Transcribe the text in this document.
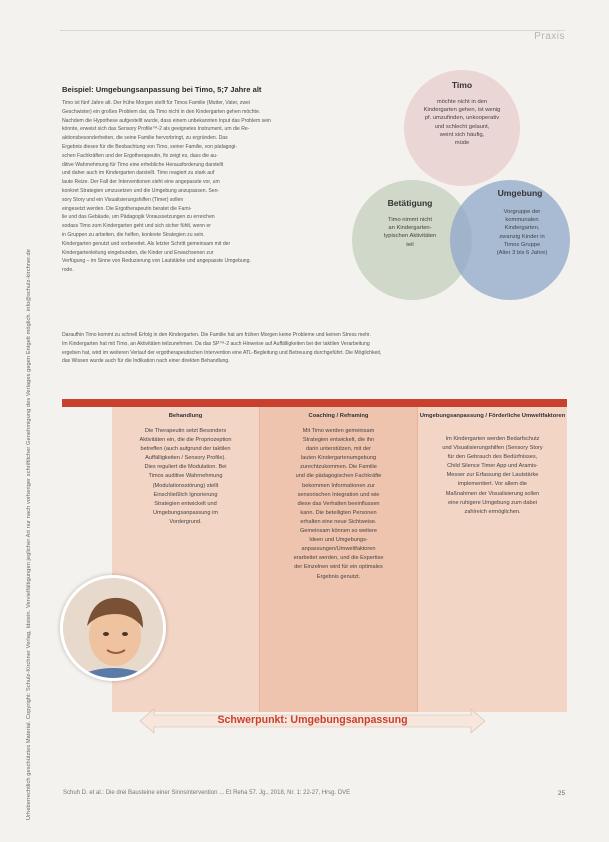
Urheberrechtlich geschütztes Material. Copyright: Schulz-Kirchner Verlag, Idstein. Vervielfältigungen jeglicher Art nur nach vorheriger schriftlicher Genehmigung des Verlages gegen Entgelt möglich. info@schulz-kirchner.de
Praxis
Beispiel: Umgebungsanpassung bei Timo, 5;7 Jahre alt
Timo ist fünf Jahre alt. Der frühe Morgen stellt für Timos Familie (Mutter, Vater, zwei
Geschwister) ein großes Problem dar, da Timo nicht in den Kindergarten gehen möchte.
Nachdem die Hypothese aufgestellt wurde, dass einem unbekannten Input das Problem sein
könnte, erweist sich das Sensory Profile™-2 als geeignetes Instrument, um die Re-
aktionsbesonderheiten, die seine Familie hervorbringt, zu ergründen. Das
Ergebnis dieses für die Beobachtung von Timo, seiner Familie, von pädagogi-
schen Fachkräften und der Ergotherapeutin, fix zeigt es, dass die au-
ditive Wahrnehmung für Timo eine erhebliche Herausforderung darstellt
und daher auch im Kindergarten darstellt. Timo reagiert zu stark auf
laute Reize. Der Fall der Interventionen sieht eine angepasste vor, um
konkret Strategien umzusetzen und die Umgebung anzupassen. Sen-
sory Story und ein Visualisierungshilfen (Timer) sollen
eingesetzt werden. Die Ergotherapeutin beratet die Fami-
lie und das Gebäude, um Pädagogik Voraussetzungen zu erreichen
sodass Timo zum Kindergarten geht und sich sicher fühlt, wenn er
in Gruppen zu arbeiten, die helfen, konkrete Strategien zu sein.
Kindergarten genutzt und vorbereitet. Als letzter Schritt gemeinsam mit der
Kindergartenleitung eingebunden, die Kinder und Erwachsenen zur
Verfügung – im Sinne von Reduzierung von Lautstärke und angepasste Umgebung.
rode.
Daraufhin Timo kommt zu schnell Erfolg in den Kindergarten. Die Familie hat am frühen Morgen keine Probleme und keinen Stress mehr.
Im Kindergarten hat mit Timo, an Aktivitäten teilzunehmen. Da das SP™-2 auch Hinweise auf Auffälligkeiten bei der taktilen Verarbeitung
ergeben hat, wird im weiteren Verlauf der ergotherapeutischen Intervention eine ATL-Begleitung und Betreuung durchgeführt. Die Möglichkeit,
das Wissen wurde auch für die Indikation nach einer direkten Behandlung.
Timo
möchte nicht in den
Kindergarten gehen, ist wenig
pf. umzufinden, unkooperativ
und schlecht gelaunt,
weint sich häufig,
müde
Betätigung
Timo nimmt nicht
an Kindergarten-
typischen Aktivitäten
teil
Umgebung
Vorgruppe der
kommunalen
Kindergarten,
zwanzig Kinder in
Timos Gruppe
(Alter 3 bis 6 Jahre)
Behandlung
Die Therapeutin setzt Besonders
Aktivitäten ein, die die Propriozeption
betreffen (auch aufgrund der taktilen
Auffälligkeiten / Sensory Profile).
Dies reguliert die Modulation. Bei
Timos auditive Wahrnehmung
(Modulationsstörung) stellt
Einschließlich Ignorierung
Strategien entwickelt und
Umgebungsanpassung im
Vordergrund.
Coaching / Reframing
Mit Timo werden gemeinsam
Strategien entwickelt, die ihn
darin unterstützen, mit der
lauten Kindergartenumgebung
zurechtzukommen. Die Familie
und die pädagogischen Fachkräfte
bekommen Informationen zur
sensorischen Integration und wie
diese das Verhalten beeinflussen
kann. Die beteiligten Personen
erhalten eine neue Sichtweise.
Gemeinsam können so weitere
Ideen und Umgebungs-
anpassungen/Umweltfaktoren
erarbeitet werden, und die Expertise
der Einzelnen wird für ein optimales
Ergebnis genutzt.
Umgebungsanpassung / Förderliche Umweltfaktoren
Im Kindergarten werden Bedarfschutz
und Visualisierungshilfen (Sensory Story
für den Gebrauch des Bedürfnisses,
Child Silence Timer App und Aramis-
Messer zur Erfassung der Lautstärke
implementiert. Vor allem die
Maßnahmen der Visualisierung sollen
eine ruhigere Umgebung zum dabei
zahlreich ermöglichen.
Schwerpunkt: Umgebungsanpassung
Schuh D. et al.: Die drei Bausteine einer Sinnsintervention ... Et Reha 57. Jg., 2018, Nr. 1: 22-27, Hrsg. DVE	25
